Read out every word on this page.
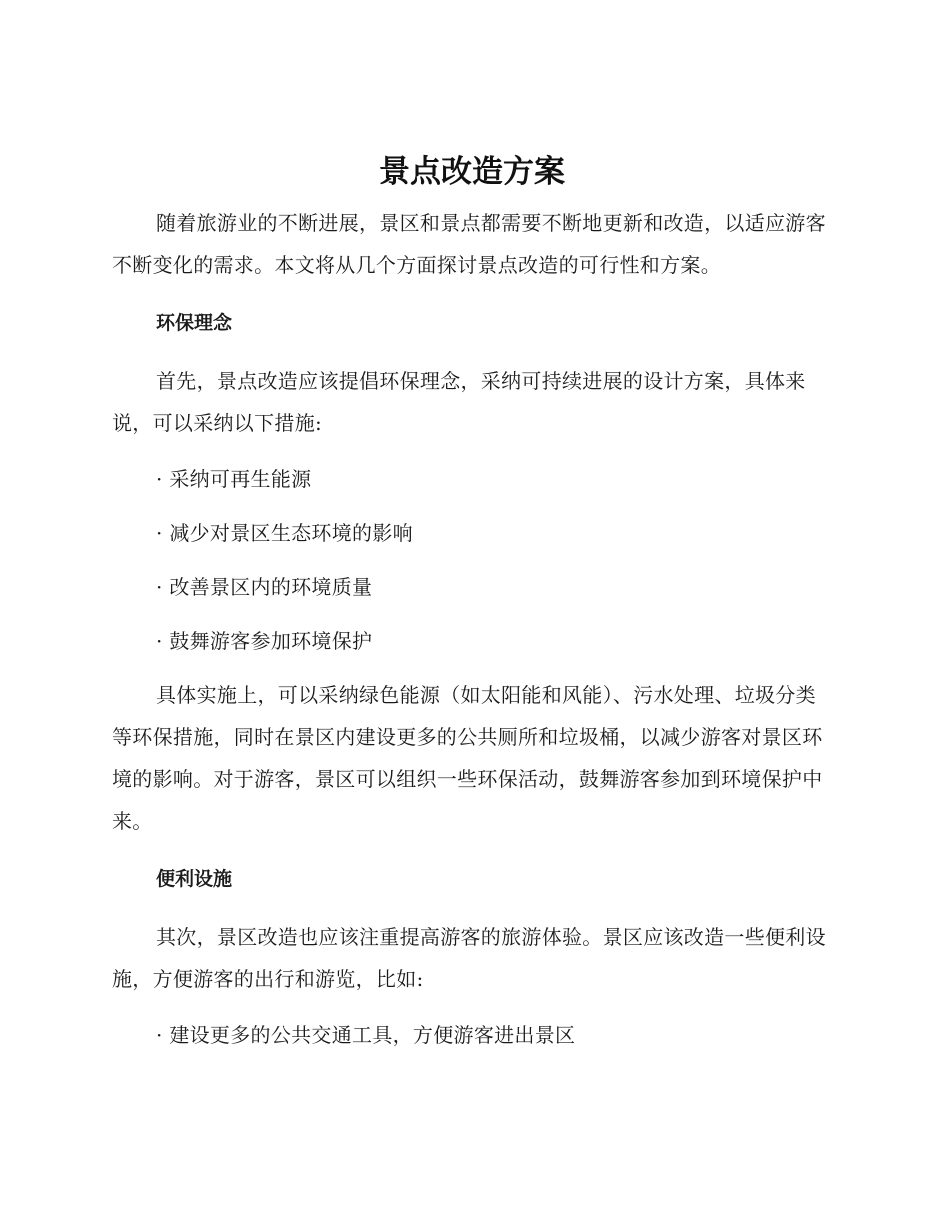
景点改造方案

随着旅游业的不断进展，景区和景点都需要不断地更新和改造，以适应游客不断变化的需求。本文将从几个方面探讨景点改造的可行性和方案。

环保理念

首先，景点改造应该提倡环保理念，采纳可持续进展的设计方案，具体来说，可以采纳以下措施:

· 采纳可再生能源
· 减少对景区生态环境的影响
· 改善景区内的环境质量
· 鼓舞游客参加环境保护

具体实施上，可以采纳绿色能源（如太阳能和风能）、污水处理、垃圾分类等环保措施，同时在景区内建设更多的公共厕所和垃圾桶，以减少游客对景区环境的影响。对于游客，景区可以组织一些环保活动，鼓舞游客参加到环境保护中来。

便利设施

其次，景区改造也应该注重提高游客的旅游体验。景区应该改造一些便利设施，方便游客的出行和游览，比如:

· 建设更多的公共交通工具，方便游客进出景区
